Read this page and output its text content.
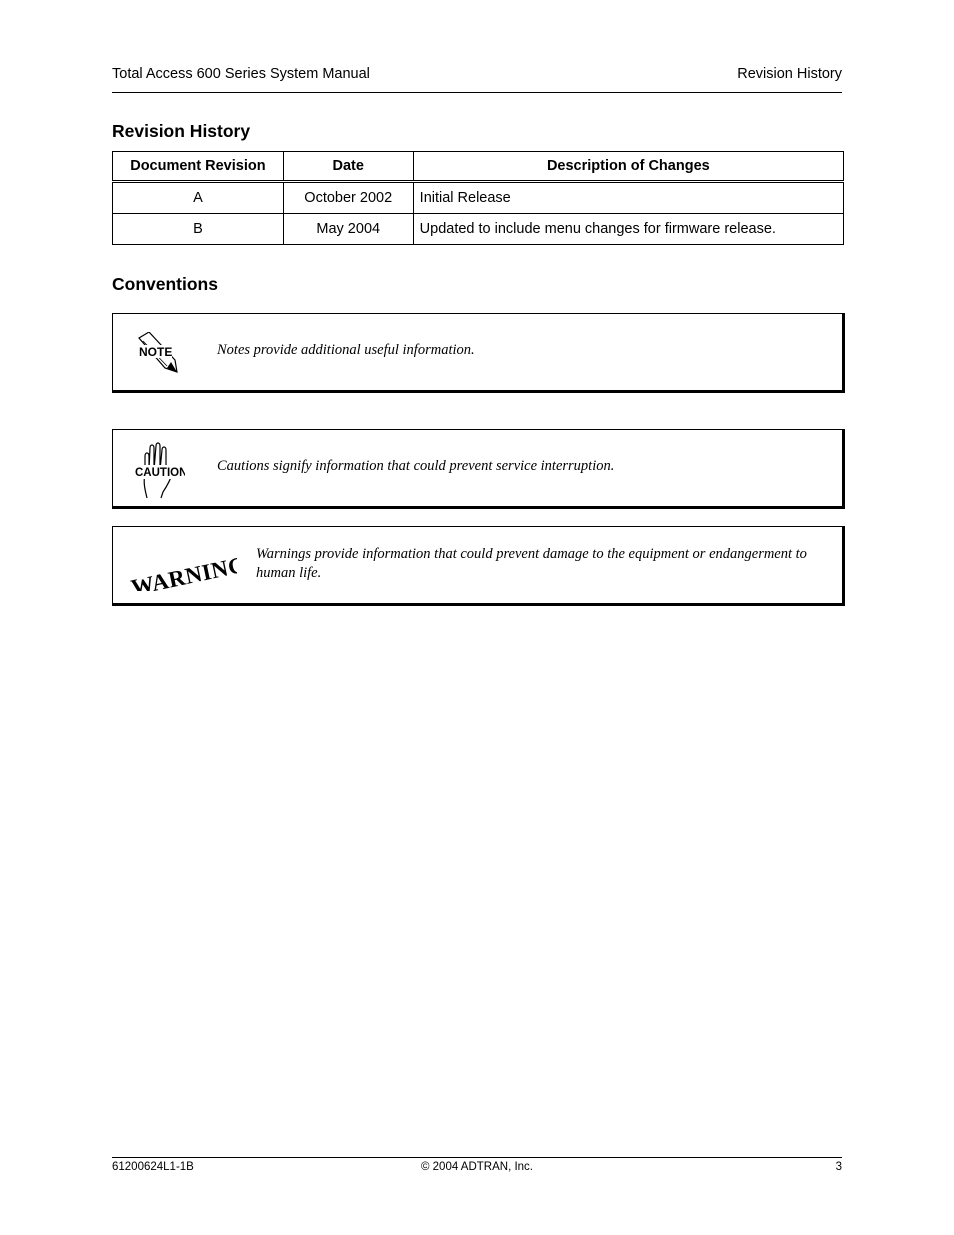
Total Access 600 Series System Manual	Revision History
Revision History
Document Revision	Date	Description of Changes
A	October 2002	Initial Release
B	May 2004	Updated to include menu changes for firmware release.
Conventions
NOTE	Notes provide additional useful information.
CAUTION Cautions signify information that could prevent service interruption.
WARNING Warnings provide information that could prevent damage to the equipment or endangerment to human life.
61200624L1-1B	© 2004 ADTRAN, Inc.	3
